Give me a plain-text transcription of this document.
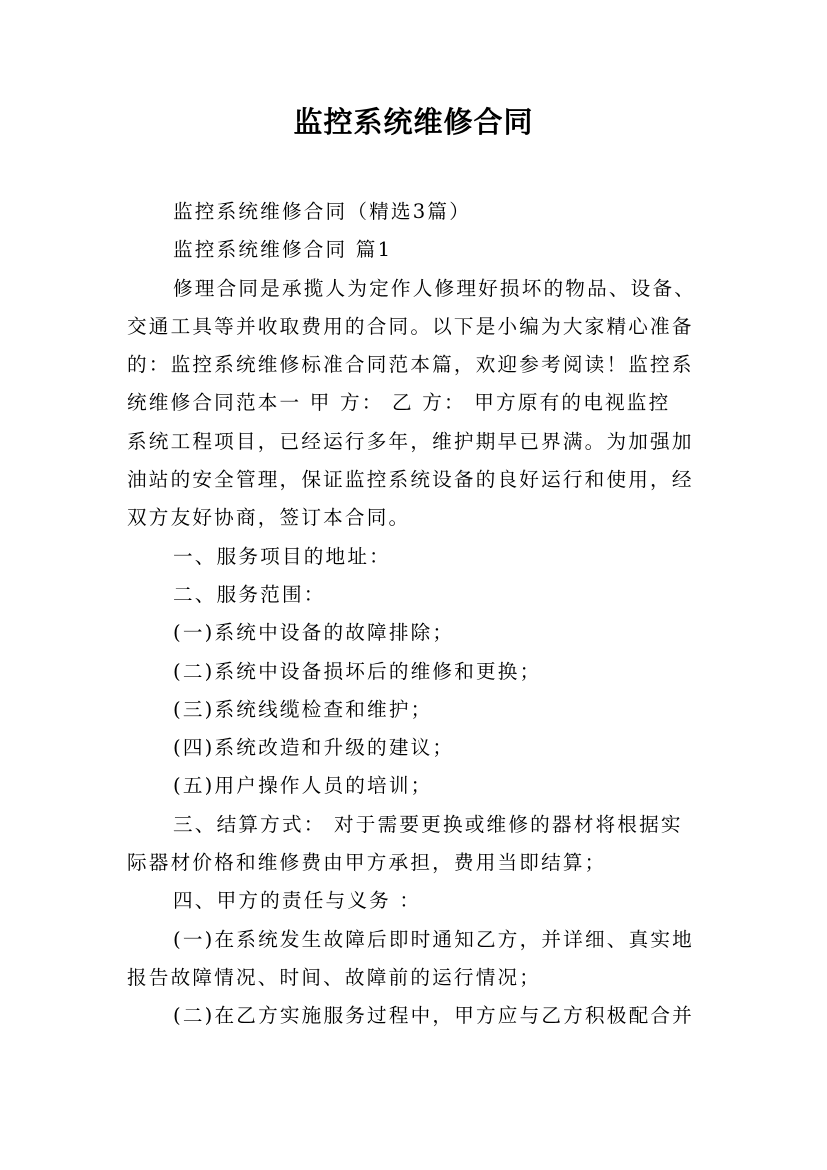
监控系统维修合同
监控系统维修合同（精选3篇）
监控系统维修合同 篇1
修理合同是承揽人为定作人修理好损坏的物品、设备、
交通工具等并收取费用的合同。以下是小编为大家精心准备
的：监控系统维修标准合同范本篇，欢迎参考阅读！监控系
统维修合同范本一 甲 方： 乙 方： 甲方原有的电视监控
系统工程项目，已经运行多年，维护期早已界满。为加强加
油站的安全管理，保证监控系统设备的良好运行和使用，经
双方友好协商，签订本合同。
一、服务项目的地址：
二、服务范围：
(一)系统中设备的故障排除；
(二)系统中设备损坏后的维修和更换；
(三)系统线缆检查和维护；
(四)系统改造和升级的建议；
(五)用户操作人员的培训；
三、结算方式： 对于需要更换或维修的器材将根据实
际器材价格和维修费由甲方承担，费用当即结算；
四、甲方的责任与义务 ：
(一)在系统发生故障后即时通知乙方，并详细、真实地
报告故障情况、时间、故障前的运行情况；
(二)在乙方实施服务过程中，甲方应与乙方积极配合并
